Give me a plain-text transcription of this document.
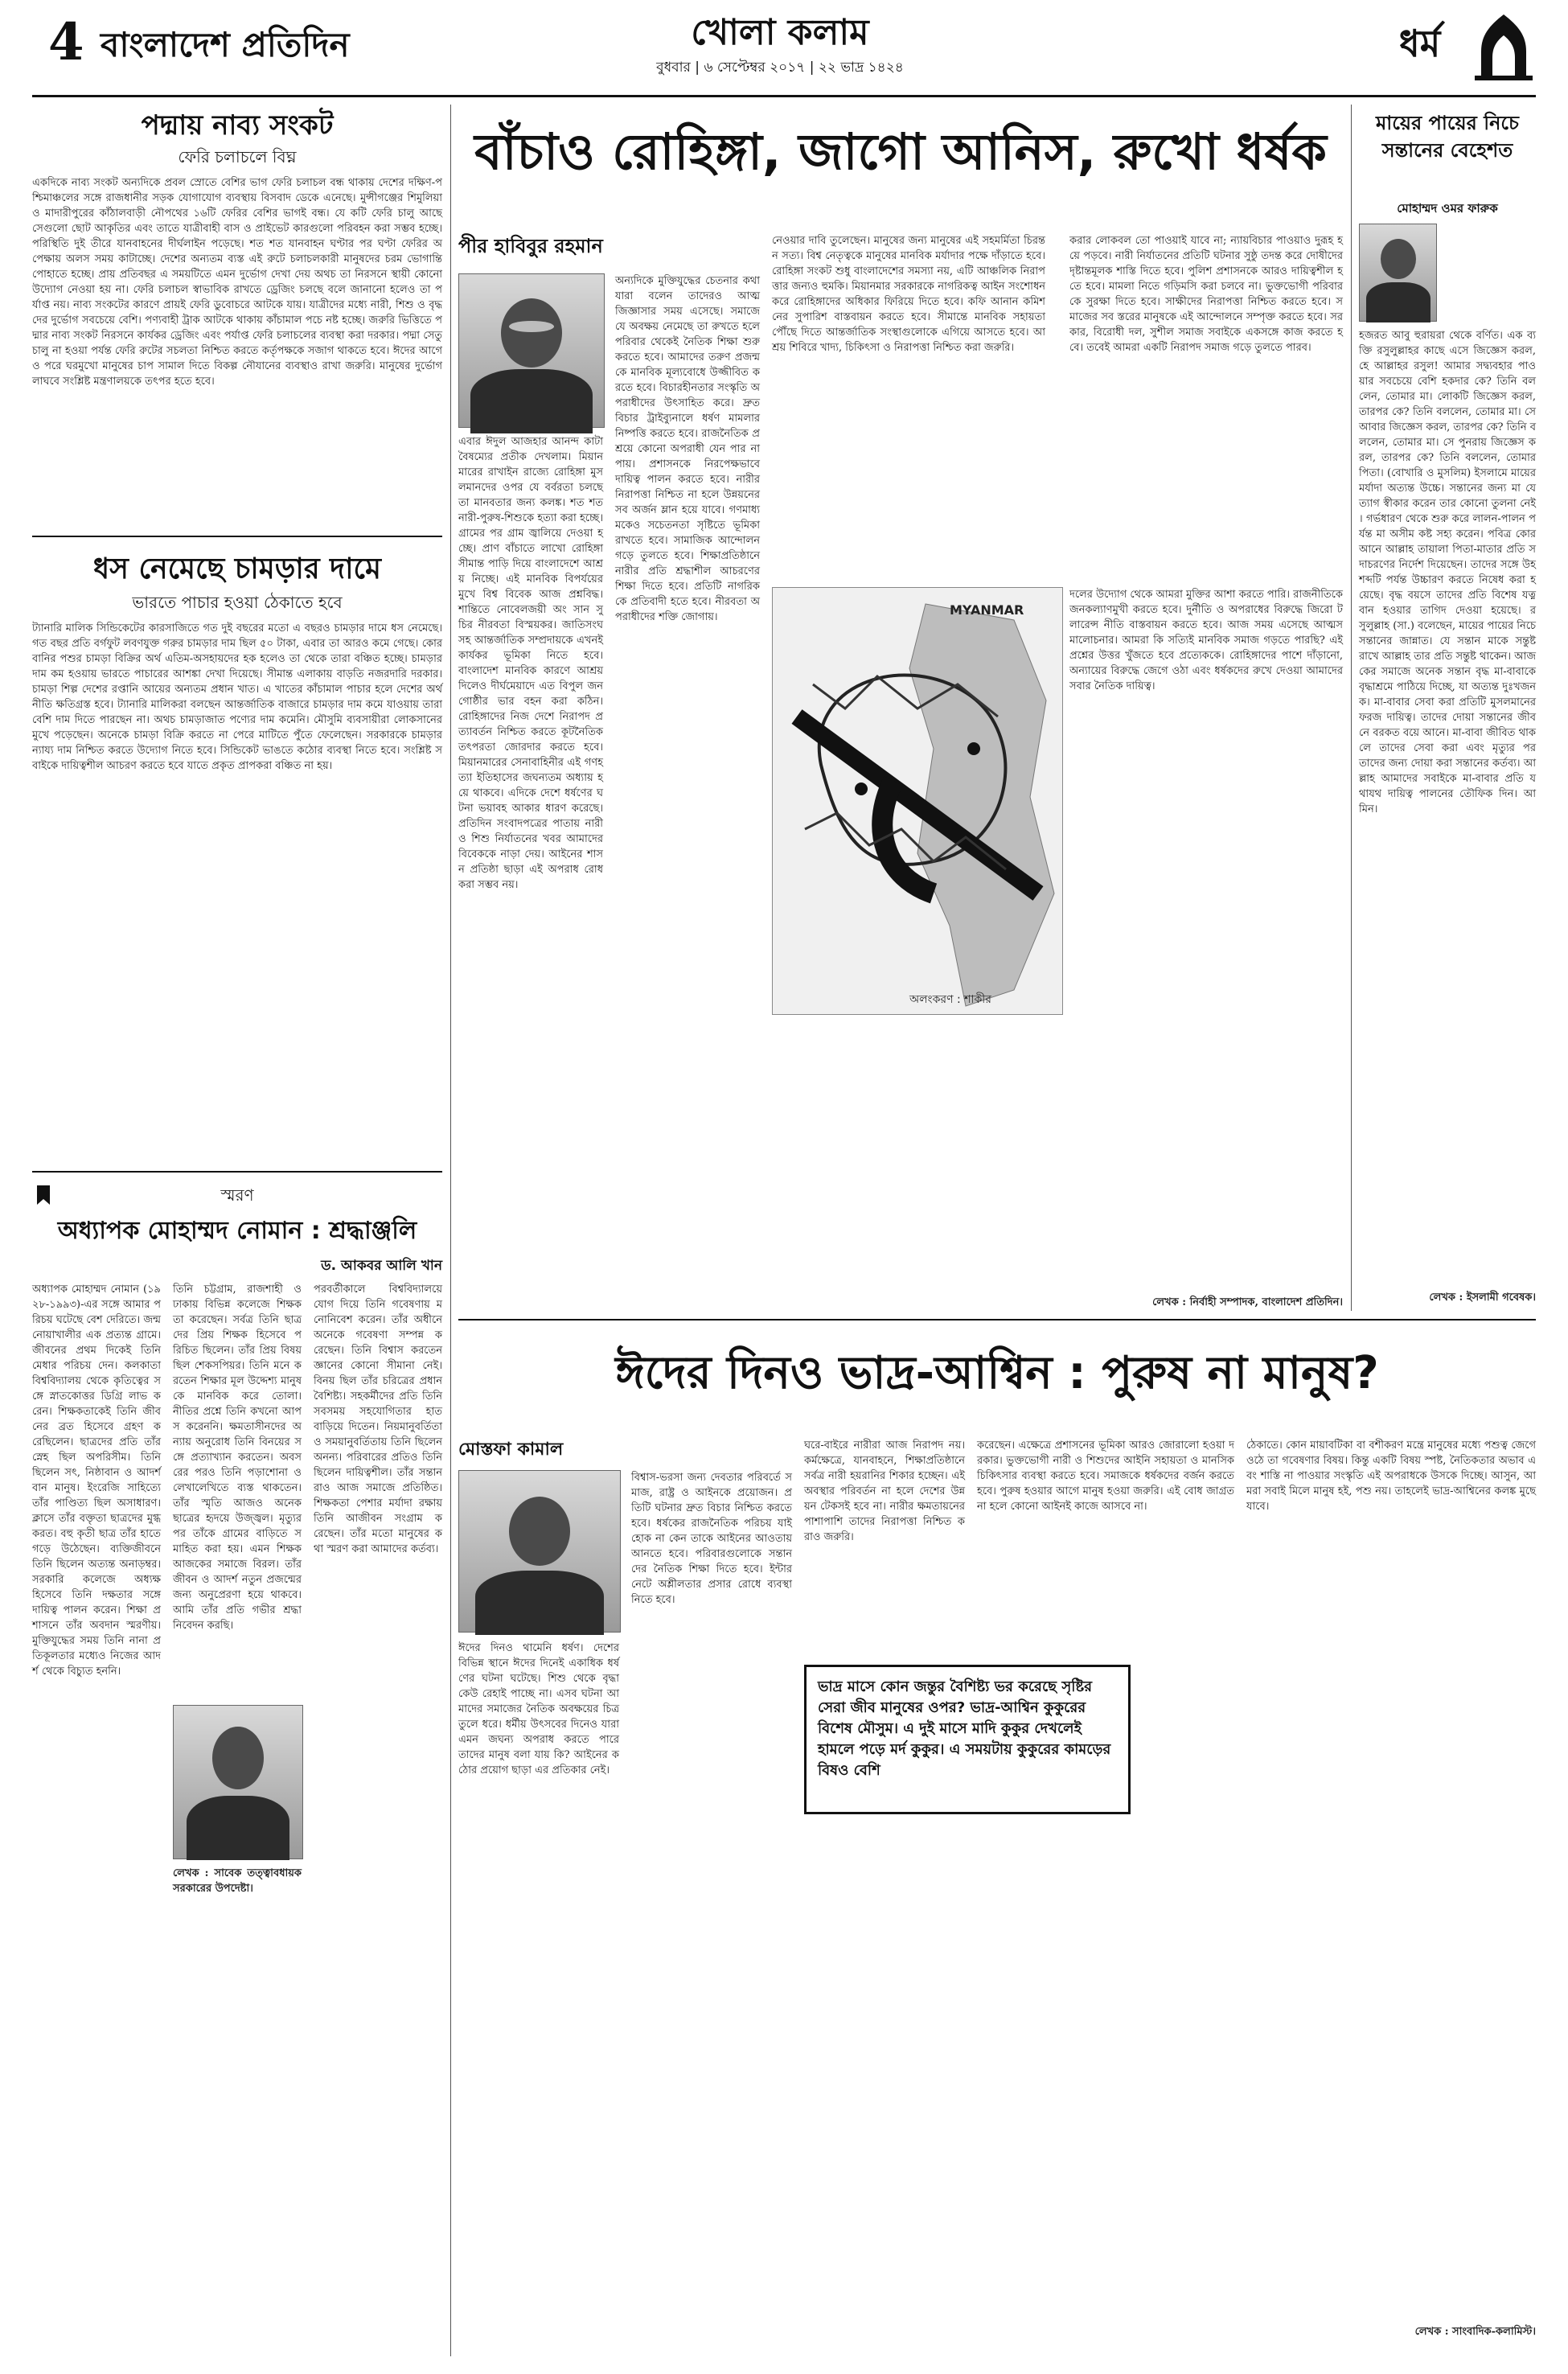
4 বাংলাদেশ প্রতিদিন	খোলা কলাম
বুধবার | ৬ সেপ্টেম্বর ২০১৭ | ২২ ভাদ্র ১৪২৪
ধর্ম
পদ্মায় নাব্য সংকট
ফেরি চলাচলে বিঘ্ন
একদিকে নাব্য সংকট অন্যদিকে প্রবল স্রোতে বেশির ভাগ ফেরি চলাচল বন্ধ থাকায় দেশের দক্ষিণ-পশ্চিমাঞ্চলের সঙ্গে রাজধানীর সড়ক যোগাযোগ ব্যবস্থায় বিসবাদ ডেকে এনেছে। মুন্সীগঞ্জের শিমুলিয়া ও মাদারীপুরের কাঁঠালবাড়ী নৌপথের ১৬টি ফেরির বেশির ভাগই বন্ধ। যে কটি ফেরি চালু আছে সেগুলো ছোট আকৃতির এবং তাতে যাত্রীবাহী বাস ও প্রাইভেট কারগুলো পরিবহন করা সম্ভব হচ্ছে। পরিস্থিতি দুই তীরে যানবাহনের দীর্ঘলাইন পড়েছে। শত শত যানবাহন ঘণ্টার পর ঘণ্টা ফেরির অপেক্ষায় অলস সময় কাটাচ্ছে। দেশের অন্যতম ব্যস্ত এই রুটে চলাচলকারী মানুষদের চরম ভোগান্তি পোহাতে হচ্ছে। প্রায় প্রতিবছর এ সময়টিতে এমন দুর্ভোগ দেখা দেয় অথচ তা নিরসনে স্থায়ী কোনো উদ্যোগ নেওয়া হয় না। ফেরি চলাচল স্বাভাবিক রাখতে ড্রেজিং চলছে বলে জানানো হলেও তা পর্যাপ্ত নয়। নাব্য সংকটের কারণে প্রায়ই ফেরি ডুবোচরে আটকে যায়। যাত্রীদের মধ্যে নারী, শিশু ও বৃদ্ধদের দুর্ভোগ সবচেয়ে বেশি। পণ্যবাহী ট্রাক আটকে থাকায় কাঁচামাল পচে নষ্ট হচ্ছে। জরুরি ভিত্তিতে পদ্মার নাব্য সংকট নিরসনে কার্যকর ড্রেজিং এবং পর্যাপ্ত ফেরি চলাচলের ব্যবস্থা করা দরকার। পদ্মা সেতু চালু না হওয়া পর্যন্ত ফেরি রুটের সচলতা নিশ্চিত করতে কর্তৃপক্ষকে সজাগ থাকতে হবে। ঈদের আগে ও পরে ঘরমুখো মানুষের চাপ সামাল দিতে বিকল্প নৌযানের ব্যবস্থাও রাখা জরুরি। মানুষের দুর্ভোগ লাঘবে সংশ্লিষ্ট মন্ত্রণালয়কে তৎপর হতে হবে।
ধস নেমেছে চামড়ার দামে
ভারতে পাচার হওয়া ঠেকাতে হবে
ট্যানারি মালিক সিন্ডিকেটের কারসাজিতে গত দুই বছরের মতো এ বছরও চামড়ার দামে ধস নেমেছে। গত বছর প্রতি বর্গফুট লবণযুক্ত গরুর চামড়ার দাম ছিল ৫০ টাকা, এবার তা আরও কমে গেছে। কোরবানির পশুর চামড়া বিক্রির অর্থ এতিম-অসহায়দের হক হলেও তা থেকে তারা বঞ্চিত হচ্ছে। চামড়ার দাম কম হওয়ায় ভারতে পাচারের আশঙ্কা দেখা দিয়েছে। সীমান্ত এলাকায় বাড়তি নজরদারি দরকার। চামড়া শিল্প দেশের রপ্তানি আয়ের অন্যতম প্রধান খাত। এ খাতের কাঁচামাল পাচার হলে দেশের অর্থনীতি ক্ষতিগ্রস্ত হবে। ট্যানারি মালিকরা বলছেন আন্তর্জাতিক বাজারে চামড়ার দাম কমে যাওয়ায় তারা বেশি দাম দিতে পারছেন না। অথচ চামড়াজাত পণ্যের দাম কমেনি। মৌসুমি ব্যবসায়ীরা লোকসানের মুখে পড়েছেন। অনেকে চামড়া বিক্রি করতে না পেরে মাটিতে পুঁতে ফেলেছেন। সরকারকে চামড়ার ন্যায্য দাম নিশ্চিত করতে উদ্যোগ নিতে হবে। সিন্ডিকেট ভাঙতে কঠোর ব্যবস্থা নিতে হবে। সংশ্লিষ্ট সবাইকে দায়িত্বশীল আচরণ করতে হবে যাতে প্রকৃত প্রাপকরা বঞ্চিত না হয়।
স্মরণ
অধ্যাপক মোহাম্মদ নোমান : শ্রদ্ধাঞ্জলি
ড. আকবর আলি খান
অধ্যাপক মোহাম্মদ নোমান (১৯২৮-১৯৯৩)-এর সঙ্গে আমার পরিচয় ঘটেছে বেশ দেরিতে। জন্ম নোয়াখালীর এক প্রত্যন্ত গ্রামে। জীবনের প্রথম দিকেই তিনি মেধার পরিচয় দেন। কলকাতা বিশ্ববিদ্যালয় থেকে কৃতিত্বের সঙ্গে স্নাতকোত্তর ডিগ্রি লাভ করেন। শিক্ষকতাকেই তিনি জীবনের ব্রত হিসেবে গ্রহণ করেছিলেন। ছাত্রদের প্রতি তাঁর স্নেহ ছিল অপরিসীম। তিনি ছিলেন সৎ, নিষ্ঠাবান ও আদর্শবান মানুষ। ইংরেজি সাহিত্যে তাঁর পাণ্ডিত্য ছিল অসাধারণ। ক্লাসে তাঁর বক্তৃতা ছাত্রদের মুগ্ধ করত। বহু কৃতী ছাত্র তাঁর হাতে গড়ে উঠেছেন। ব্যক্তিজীবনে তিনি ছিলেন অত্যন্ত অনাড়ম্বর। সরকারি কলেজে অধ্যক্ষ হিসেবে তিনি দক্ষতার সঙ্গে দায়িত্ব পালন করেন। শিক্ষা প্রশাসনে তাঁর অবদান স্মরণীয়। মুক্তিযুদ্ধের সময় তিনি নানা প্রতিকূলতার মধ্যেও নিজের আদর্শ থেকে বিচ্যুত হননি।
তিনি চট্টগ্রাম, রাজশাহী ও ঢাকায় বিভিন্ন কলেজে শিক্ষকতা করেছেন। সর্বত্র তিনি ছাত্রদের প্রিয় শিক্ষক হিসেবে পরিচিত ছিলেন। তাঁর প্রিয় বিষয় ছিল শেকসপিয়র। তিনি মনে করতেন শিক্ষার মূল উদ্দেশ্য মানুষকে মানবিক করে তোলা। নীতির প্রশ্নে তিনি কখনো আপস করেননি। ক্ষমতাসীনদের অন্যায় অনুরোধ তিনি বিনয়ের সঙ্গে প্রত্যাখ্যান করতেন। অবসরের পরও তিনি পড়াশোনা ও লেখালেখিতে ব্যস্ত থাকতেন। তাঁর স্মৃতি আজও অনেক ছাত্রের হৃদয়ে উজ্জ্বল। মৃত্যুর পর তাঁকে গ্রামের বাড়িতে সমাহিত করা হয়। এমন শিক্ষক আজকের সমাজে বিরল। তাঁর জীবন ও আদর্শ নতুন প্রজন্মের জন্য অনুপ্রেরণা হয়ে থাকবে। আমি তাঁর প্রতি গভীর শ্রদ্ধা নিবেদন করছি।
পরবর্তীকালে বিশ্ববিদ্যালয়ে যোগ দিয়ে তিনি গবেষণায় মনোনিবেশ করেন। তাঁর অধীনে অনেকে গবেষণা সম্পন্ন করেছেন। তিনি বিশ্বাস করতেন জ্ঞানের কোনো সীমানা নেই। বিনয় ছিল তাঁর চরিত্রের প্রধান বৈশিষ্ট্য। সহকর্মীদের প্রতি তিনি সবসময় সহযোগিতার হাত বাড়িয়ে দিতেন। নিয়মানুবর্তিতা ও সময়ানুবর্তিতায় তিনি ছিলেন অনন্য। পরিবারের প্রতিও তিনি ছিলেন দায়িত্বশীল। তাঁর সন্তানরাও আজ সমাজে প্রতিষ্ঠিত। শিক্ষকতা পেশার মর্যাদা রক্ষায় তিনি আজীবন সংগ্রাম করেছেন। তাঁর মতো মানুষের কথা স্মরণ করা আমাদের কর্তব্য।
লেখক : সাবেক তত্ত্বাবধায়ক সরকারের উপদেষ্টা।
বাঁচাও রোহিঙ্গা, জাগো আনিস, রুখো ধর্ষক
পীর হাবিবুর রহমান
এবার ঈদুল আজহার আনন্দ কাটা বৈষম্যের প্রতীক দেখলাম। মিয়ানমারের রাখাইন রাজ্যে রোহিঙ্গা মুসলমানদের ওপর যে বর্বরতা চলছে তা মানবতার জন্য কলঙ্ক। শত শত নারী-পুরুষ-শিশুকে হত্যা করা হচ্ছে। গ্রামের পর গ্রাম জ্বালিয়ে দেওয়া হচ্ছে। প্রাণ বাঁচাতে লাখো রোহিঙ্গা সীমান্ত পাড়ি দিয়ে বাংলাদেশে আশ্রয় নিচ্ছে। এই মানবিক বিপর্যয়ের মুখে বিশ্ব বিবেক আজ প্রশ্নবিদ্ধ। শান্তিতে নোবেলজয়ী অং সান সু চির নীরবতা বিস্ময়কর। জাতিসংঘসহ আন্তর্জাতিক সম্প্রদায়কে এখনই কার্যকর ভূমিকা নিতে হবে। বাংলাদেশ মানবিক কারণে আশ্রয় দিলেও দীর্ঘমেয়াদে এত বিপুল জনগোষ্ঠীর ভার বহন করা কঠিন। রোহিঙ্গাদের নিজ দেশে নিরাপদ প্রত্যাবর্তন নিশ্চিত করতে কূটনৈতিক তৎপরতা জোরদার করতে হবে। মিয়ানমারের সেনাবাহিনীর এই গণহত্যা ইতিহাসের জঘন্যতম অধ্যায় হয়ে থাকবে। এদিকে দেশে ধর্ষণের ঘটনা ভয়াবহ আকার ধারণ করেছে। প্রতিদিন সংবাদপত্রের পাতায় নারী ও শিশু নির্যাতনের খবর আমাদের বিবেককে নাড়া দেয়। আইনের শাসন প্রতিষ্ঠা ছাড়া এই অপরাধ রোধ করা সম্ভব নয়।
অন্যদিকে মুক্তিযুদ্ধের চেতনার কথা যারা বলেন তাদেরও আত্মজিজ্ঞাসার সময় এসেছে। সমাজে যে অবক্ষয় নেমেছে তা রুখতে হলে পরিবার থেকেই নৈতিক শিক্ষা শুরু করতে হবে। আমাদের তরুণ প্রজন্মকে মানবিক মূল্যবোধে উজ্জীবিত করতে হবে। বিচারহীনতার সংস্কৃতি অপরাধীদের উৎসাহিত করে। দ্রুত বিচার ট্রাইব্যুনালে ধর্ষণ মামলার নিষ্পত্তি করতে হবে। রাজনৈতিক প্রশ্রয়ে কোনো অপরাধী যেন পার না পায়। প্রশাসনকে নিরপেক্ষভাবে দায়িত্ব পালন করতে হবে। নারীর নিরাপত্তা নিশ্চিত না হলে উন্নয়নের সব অর্জন ম্লান হয়ে যাবে। গণমাধ্যমকেও সচেতনতা সৃষ্টিতে ভূমিকা রাখতে হবে। সামাজিক আন্দোলন গড়ে তুলতে হবে। শিক্ষাপ্রতিষ্ঠানে নারীর প্রতি শ্রদ্ধাশীল আচরণের শিক্ষা দিতে হবে। প্রতিটি নাগরিককে প্রতিবাদী হতে হবে। নীরবতা অপরাধীদের শক্তি জোগায়।
নেওয়ার দাবি তুলেছেন। মানুষের জন্য মানুষের এই সহমর্মিতা চিরন্তন সত্য। বিশ্ব নেতৃত্বকে মানুষের মানবিক মর্যাদার পক্ষে দাঁড়াতে হবে। রোহিঙ্গা সংকট শুধু বাংলাদেশের সমস্যা নয়, এটি আঞ্চলিক নিরাপত্তার জন্যও হুমকি। মিয়ানমার সরকারকে নাগরিকত্ব আইন সংশোধন করে রোহিঙ্গাদের অধিকার ফিরিয়ে দিতে হবে। কফি আনান কমিশনের সুপারিশ বাস্তবায়ন করতে হবে। সীমান্তে মানবিক সহায়তা পৌঁছে দিতে আন্তর্জাতিক সংস্থাগুলোকে এগিয়ে আসতে হবে। আশ্রয় শিবিরে খাদ্য, চিকিৎসা ও নিরাপত্তা নিশ্চিত করা জরুরি।
MYANMAR
অলংকরণ : শাকীর
করার লোকবল তো পাওয়াই যাবে না; ন্যায়বিচার পাওয়াও দুরূহ হয়ে পড়বে। নারী নির্যাতনের প্রতিটি ঘটনার সুষ্ঠু তদন্ত করে দোষীদের দৃষ্টান্তমূলক শাস্তি দিতে হবে। পুলিশ প্রশাসনকে আরও দায়িত্বশীল হতে হবে। মামলা নিতে গড়িমসি করা চলবে না। ভুক্তভোগী পরিবারকে সুরক্ষা দিতে হবে। সাক্ষীদের নিরাপত্তা নিশ্চিত করতে হবে। সমাজের সব স্তরের মানুষকে এই আন্দোলনে সম্পৃক্ত করতে হবে। সরকার, বিরোধী দল, সুশীল সমাজ সবাইকে একসঙ্গে কাজ করতে হবে। তবেই আমরা একটি নিরাপদ সমাজ গড়ে তুলতে পারব।
দলের উদ্যোগ থেকে আমরা মুক্তির আশা করতে পারি। রাজনীতিকে জনকল্যাণমুখী করতে হবে। দুর্নীতি ও অপরাধের বিরুদ্ধে জিরো টলারেন্স নীতি বাস্তবায়ন করতে হবে। আজ সময় এসেছে আত্মসমালোচনার। আমরা কি সত্যিই মানবিক সমাজ গড়তে পারছি? এই প্রশ্নের উত্তর খুঁজতে হবে প্রত্যেককে। রোহিঙ্গাদের পাশে দাঁড়ানো, অন্যায়ের বিরুদ্ধে জেগে ওঠা এবং ধর্ষকদের রুখে দেওয়া আমাদের সবার নৈতিক দায়িত্ব।
লেখক : নির্বাহী সম্পাদক, বাংলাদেশ প্রতিদিন।
ঈদের দিনও ভাদ্র-আশ্বিন : পুরুষ না মানুষ?
মোস্তফা কামাল
ঈদের দিনও থামেনি ধর্ষণ। দেশের বিভিন্ন স্থানে ঈদের দিনেই একাধিক ধর্ষণের ঘটনা ঘটেছে। শিশু থেকে বৃদ্ধা কেউ রেহাই পাচ্ছে না। এসব ঘটনা আমাদের সমাজের নৈতিক অবক্ষয়ের চিত্র তুলে ধরে। ধর্মীয় উৎসবের দিনেও যারা এমন জঘন্য অপরাধ করতে পারে তাদের মানুষ বলা যায় কি? আইনের কঠোর প্রয়োগ ছাড়া এর প্রতিকার নেই।
বিশ্বাস-ভরসা জন্য দেবতার পরিবর্তে সমাজ, রাষ্ট্র ও আইনকে প্রয়োজন। প্রতিটি ঘটনার দ্রুত বিচার নিশ্চিত করতে হবে। ধর্ষকের রাজনৈতিক পরিচয় যাই হোক না কেন তাকে আইনের আওতায় আনতে হবে। পরিবারগুলোকে সন্তানদের নৈতিক শিক্ষা দিতে হবে। ইন্টারনেটে অশ্লীলতার প্রসার রোধে ব্যবস্থা নিতে হবে।
ঘরে-বাইরে নারীরা আজ নিরাপদ নয়। কর্মক্ষেত্রে, যানবাহনে, শিক্ষাপ্রতিষ্ঠানে সর্বত্র নারী হয়রানির শিকার হচ্ছেন। এই অবস্থার পরিবর্তন না হলে দেশের উন্নয়ন টেকসই হবে না। নারীর ক্ষমতায়নের পাশাপাশি তাদের নিরাপত্তা নিশ্চিত করাও জরুরি।
ভাদ্র মাসে কোন জন্তুর বৈশিষ্ট্য ভর করেছে সৃষ্টির সেরা জীব মানুষের ওপর? ভাদ্র-আশ্বিন কুকুরের বিশেষ মৌসুম। এ দুই মাসে মাদি কুকুর দেখলেই হামলে পড়ে মর্দ কুকুর। এ সময়টায় কুকুরের কামড়ের বিষও বেশি
করেছেন। এক্ষেত্রে প্রশাসনের ভূমিকা আরও জোরালো হওয়া দরকার। ভুক্তভোগী নারী ও শিশুদের আইনি সহায়তা ও মানসিক চিকিৎসার ব্যবস্থা করতে হবে। সমাজকে ধর্ষকদের বর্জন করতে হবে। পুরুষ হওয়ার আগে মানুষ হওয়া জরুরি। এই বোধ জাগ্রত না হলে কোনো আইনই কাজে আসবে না।
ঠেকাতে। কোন মায়াবটিকা বা বশীকরণ মন্ত্রে মানুষের মধ্যে পশুত্ব জেগে ওঠে তা গবেষণার বিষয়। কিন্তু একটি বিষয় স্পষ্ট, নৈতিকতার অভাব এবং শাস্তি না পাওয়ার সংস্কৃতি এই অপরাধকে উসকে দিচ্ছে। আসুন, আমরা সবাই মিলে মানুষ হই, পশু নয়। তাহলেই ভাদ্র-আশ্বিনের কলঙ্ক মুছে যাবে।
লেখক : সাংবাদিক-কলামিস্ট।
মায়ের পায়ের নিচে সন্তানের বেহেশত
মোহাম্মদ ওমর ফারুক
হজরত আবু হুরায়রা থেকে বর্ণিত। এক ব্যক্তি রসুলুল্লাহর কাছে এসে জিজ্ঞেস করল, হে আল্লাহর রসুল! আমার সদ্ব্যবহার পাওয়ার সবচেয়ে বেশি হকদার কে? তিনি বললেন, তোমার মা। লোকটি জিজ্ঞেস করল, তারপর কে? তিনি বললেন, তোমার মা। সে আবার জিজ্ঞেস করল, তারপর কে? তিনি বললেন, তোমার মা। সে পুনরায় জিজ্ঞেস করল, তারপর কে? তিনি বললেন, তোমার পিতা। (বোখারি ও মুসলিম) ইসলামে মায়ের মর্যাদা অত্যন্ত উচ্চে। সন্তানের জন্য মা যে ত্যাগ স্বীকার করেন তার কোনো তুলনা নেই। গর্ভধারণ থেকে শুরু করে লালন-পালন পর্যন্ত মা অসীম কষ্ট সহ্য করেন। পবিত্র কোরআনে আল্লাহ তায়ালা পিতা-মাতার প্রতি সদাচরণের নির্দেশ দিয়েছেন। তাদের সঙ্গে উহ শব্দটি পর্যন্ত উচ্চারণ করতে নিষেধ করা হয়েছে। বৃদ্ধ বয়সে তাদের প্রতি বিশেষ যত্নবান হওয়ার তাগিদ দেওয়া হয়েছে। রসুলুল্লাহ (সা.) বলেছেন, মায়ের পায়ের নিচে সন্তানের জান্নাত। যে সন্তান মাকে সন্তুষ্ট রাখে আল্লাহ তার প্রতি সন্তুষ্ট থাকেন। আজকের সমাজে অনেক সন্তান বৃদ্ধ মা-বাবাকে বৃদ্ধাশ্রমে পাঠিয়ে দিচ্ছে, যা অত্যন্ত দুঃখজনক। মা-বাবার সেবা করা প্রতিটি মুসলমানের ফরজ দায়িত্ব। তাদের দোয়া সন্তানের জীবনে বরকত বয়ে আনে। মা-বাবা জীবিত থাকলে তাদের সেবা করা এবং মৃত্যুর পর তাদের জন্য দোয়া করা সন্তানের কর্তব্য। আল্লাহ আমাদের সবাইকে মা-বাবার প্রতি যথাযথ দায়িত্ব পালনের তৌফিক দিন। আমিন।
লেখক : ইসলামী গবেষক।
